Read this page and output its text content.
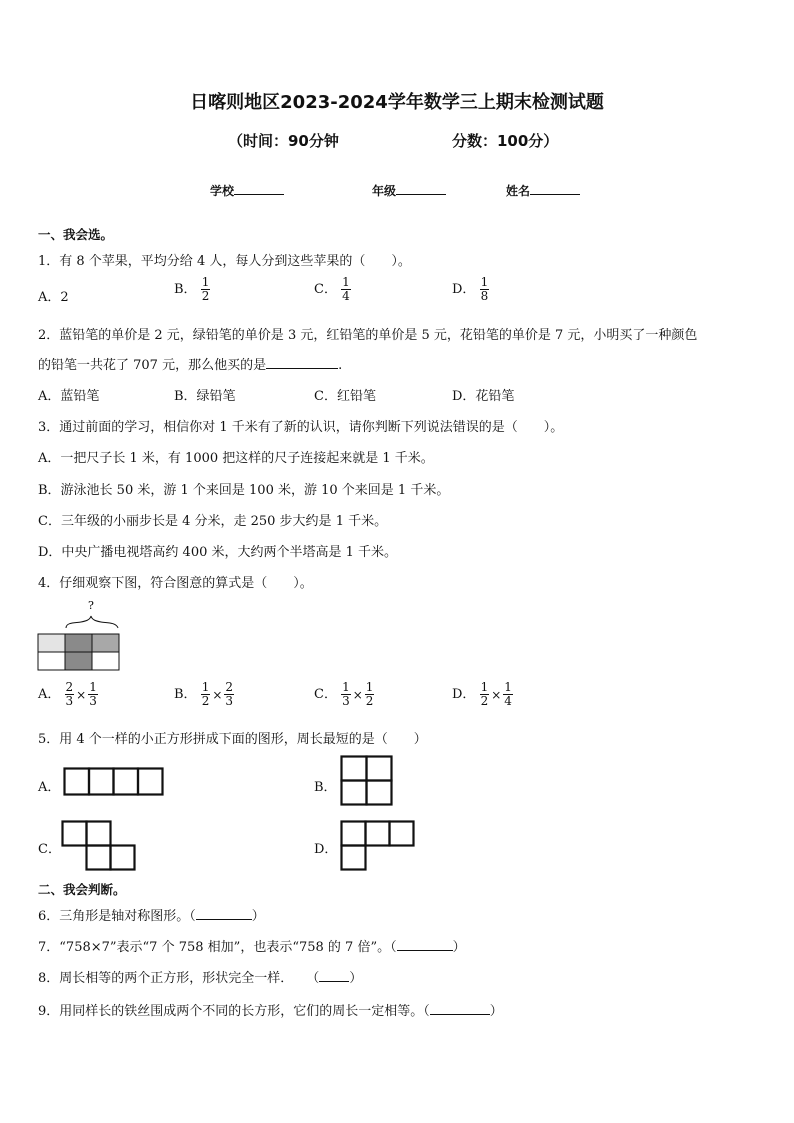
日喀则地区2023-2024学年数学三上期末检测试题
（时间：90分钟	分数：100分）
学校	年级	姓名
一、我会选。
1．有 8 个苹果，平均分给 4 人，每人分到这些苹果的（　　）。
A．2
B． $\frac{1}{2}$	C． $\frac{1}{4}$	D． $\frac{1}{8}$
2．蓝铅笔的单价是 2 元，绿铅笔的单价是 3 元，红铅笔的单价是 5 元，花铅笔的单价是 7 元，小明买了一种颜色
的铅笔一共花了 707 元，那么他买的是	.
A．蓝铅笔	B．绿铅笔	C．红铅笔	D．花铅笔
3．通过前面的学习，相信你对 1 千米有了新的认识，请你判断下列说法错误的是（　　）。
A．一把尺子长 1 米，有 1000 把这样的尺子连接起来就是 1 千米。
B．游泳池长 50 米，游 1 个来回是 100 米，游 10 个来回是 1 千米。
C．三年级的小丽步长是 4 分米，走 250 步大约是 1 千米。
D．中央广播电视塔高约 400 米，大约两个半塔高是 1 千米。
4．仔细观察下图，符合图意的算式是（　　）。
?
A． $\frac{2}{3} \times \frac{1}{3}$	B． $\frac{1}{2} \times \frac{2}{3}$	C． $\frac{1}{3} \times \frac{1}{2}$	D． $\frac{1}{2} \times \frac{1}{4}$
5．用 4 个一样的小正方形拼成下面的图形，周长最短的是（　　）
A．	B．
C．	D．
二、我会判断。
6．三角形是轴对称图形。（	）
7．“758×7”表示“7 个 758 相加”，也表示“758 的 7 倍”。（	）
8．周长相等的两个正方形，形状完全一样．　　（ ）
9．用同样长的铁丝围成两个不同的长方形，它们的周长一定相等。（	）
